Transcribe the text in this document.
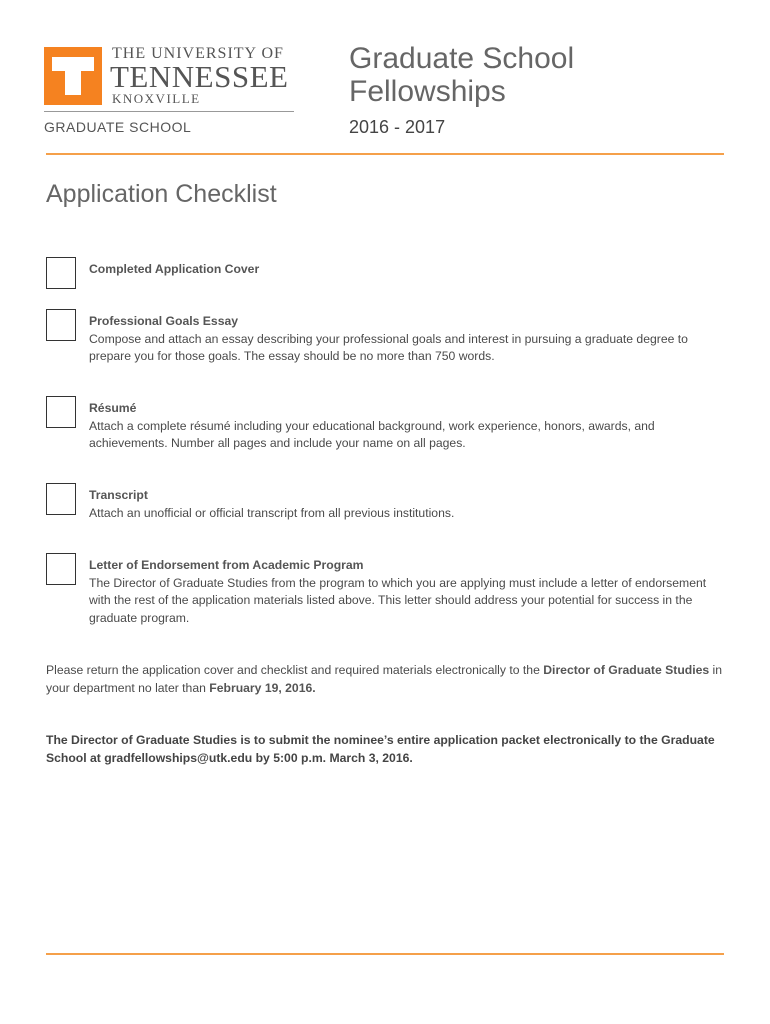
THE UNIVERSITY OF
TENNESSEE
KNOXVILLE
GRADUATE SCHOOL
Graduate School
Fellowships
2016 - 2017
Application Checklist
Completed Application Cover
Professional Goals Essay
Compose and attach an essay describing your professional goals and interest in pursuing a graduate degree to prepare you for those goals. The essay should be no more than 750 words.
Résumé
Attach a complete résumé including your educational background, work experience, honors, awards, and achievements. Number all pages and include your name on all pages.
Transcript
Attach an unofficial or official transcript from all previous institutions.
Letter of Endorsement from Academic Program
The Director of Graduate Studies from the program to which you are applying must include a letter of endorsement with the rest of the application materials listed above. This letter should address your potential for success in the graduate program.
Please return the application cover and checklist and required materials electronically to the Director of Graduate Studies in your department no later than February 19, 2016.
The Director of Graduate Studies is to submit the nominee’s entire application packet electronically to the Graduate School at gradfellowships@utk.edu by 5:00 p.m. March 3, 2016.
